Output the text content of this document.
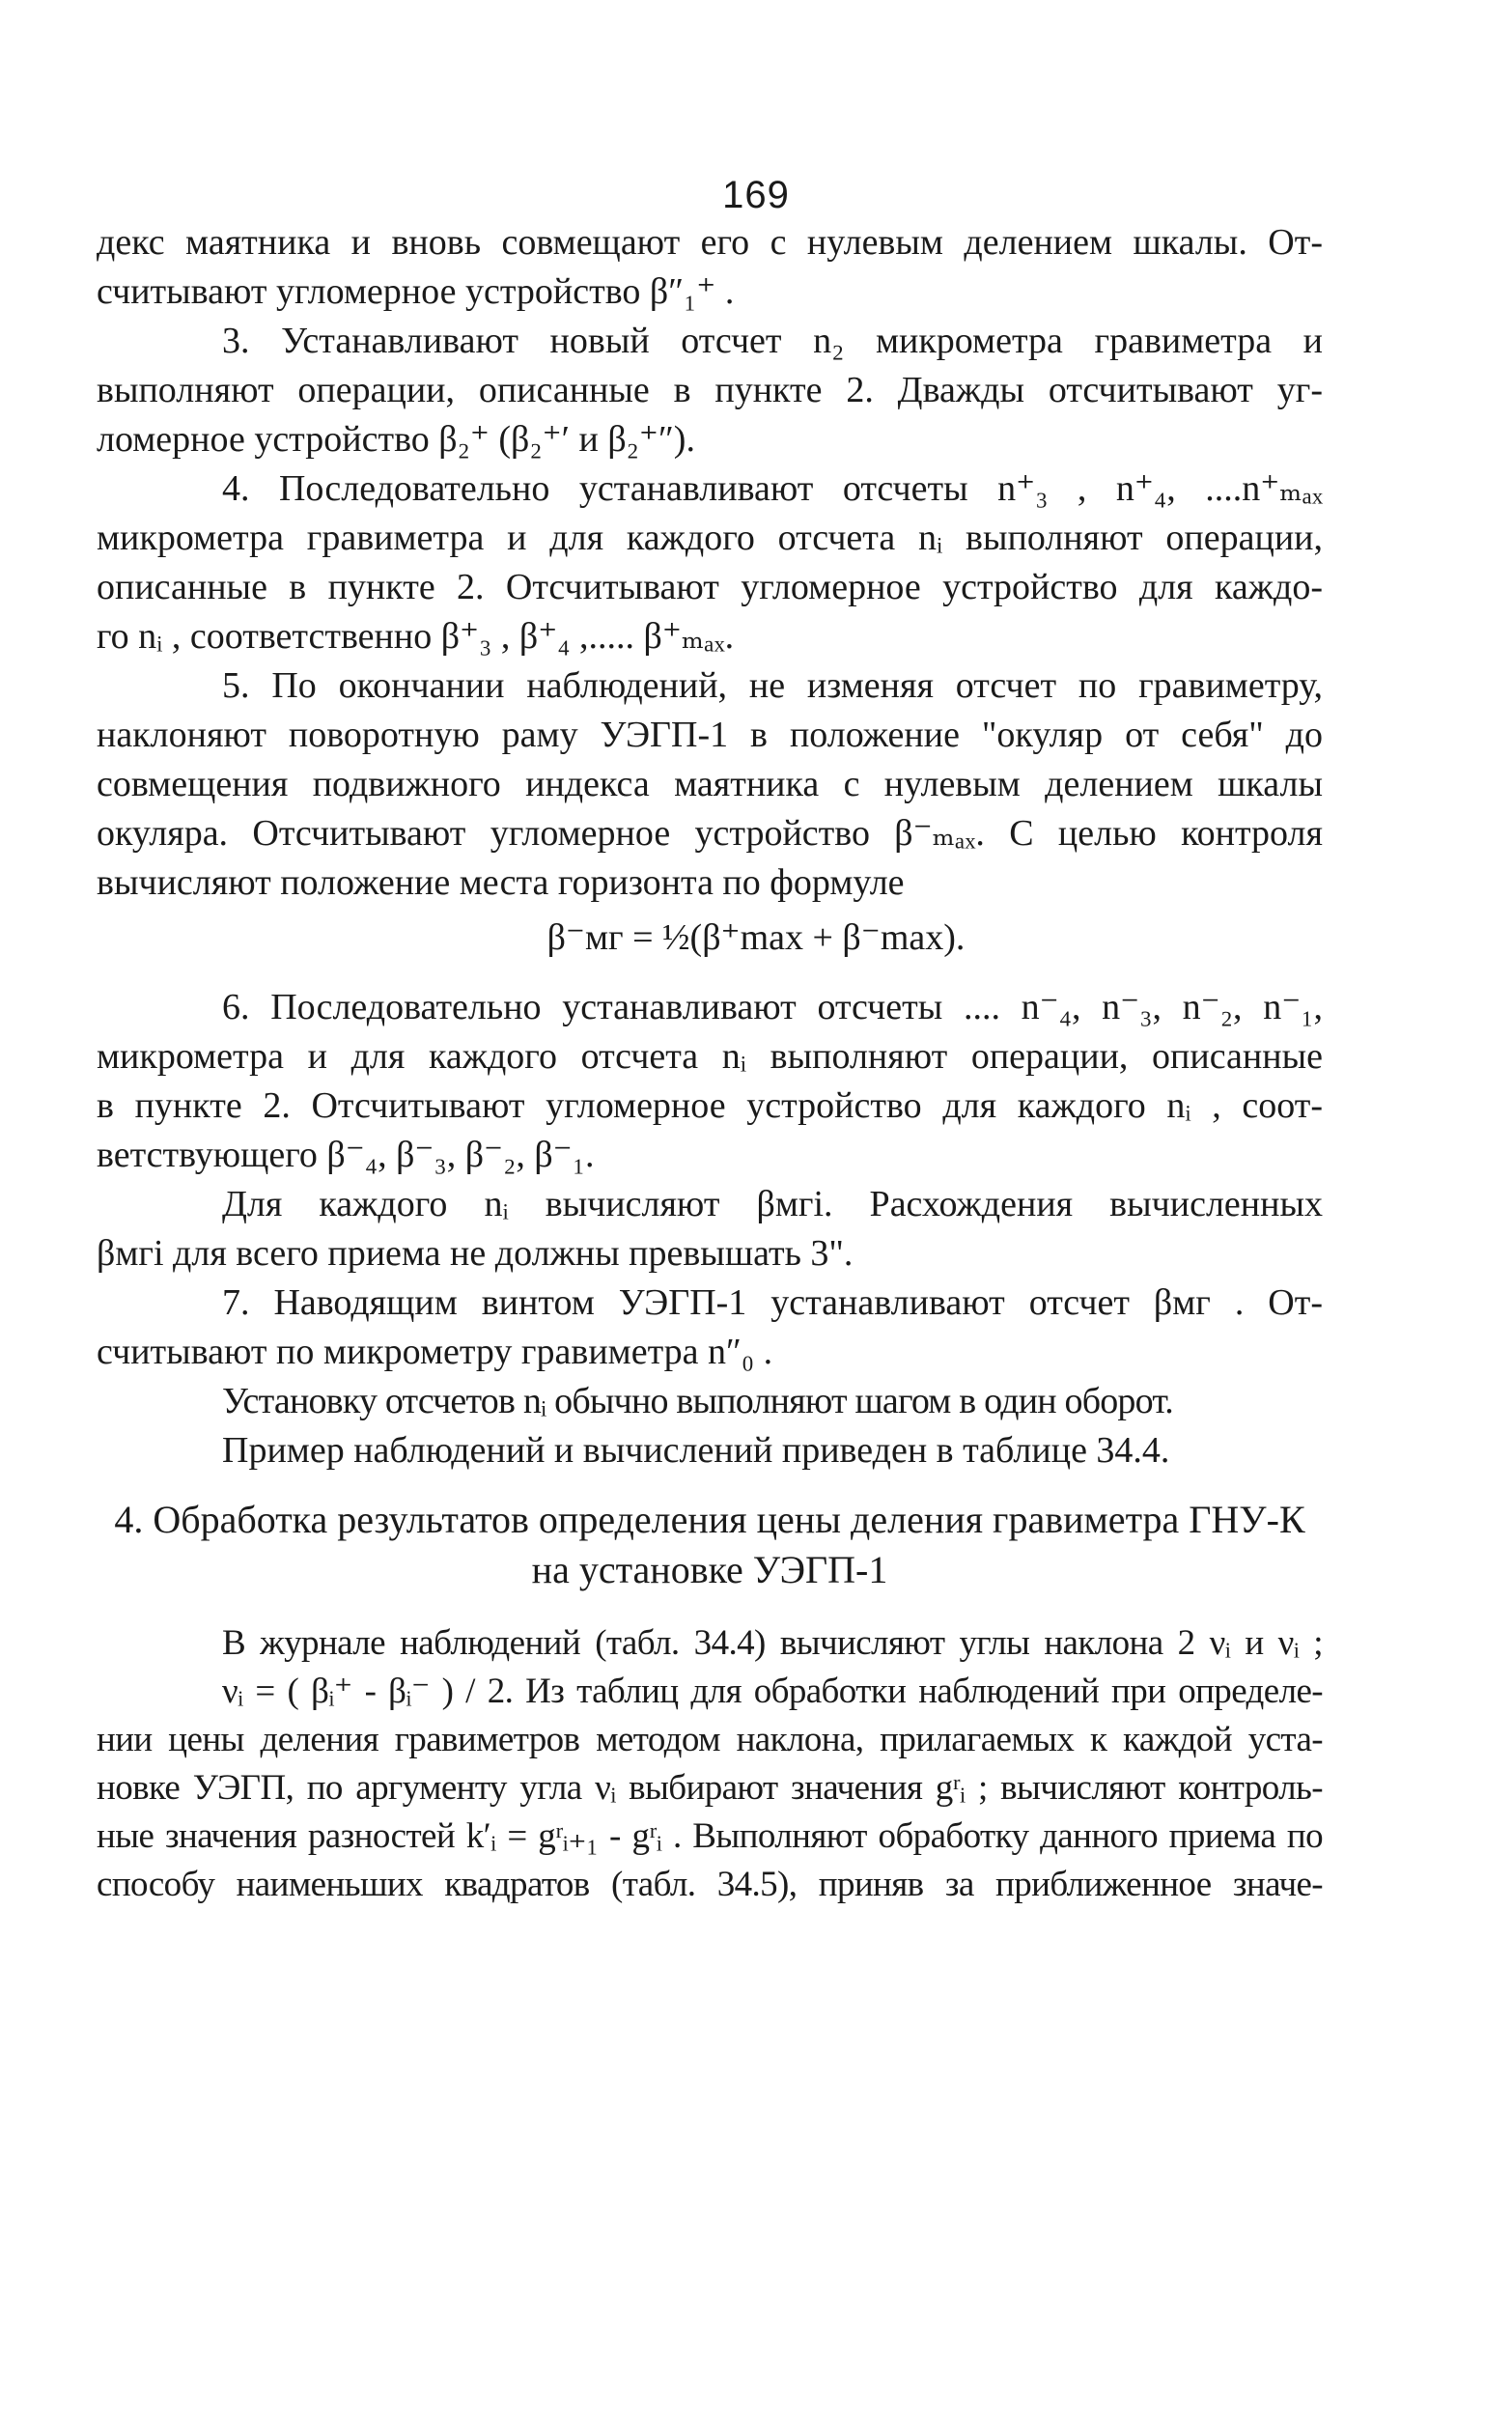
169
декс маятника и вновь совмещают его с нулевым делением шкалы. От-
считывают угломерное устройство β″₁⁺ .
3. Устанавливают новый отсчет n₂ микрометра гравиметра и
выполняют операции, описанные в пункте 2. Дважды отсчитывают уг-
ломерное устройство β₂⁺ (β₂⁺′ и β₂⁺″).
4. Последовательно устанавливают отсчеты n⁺₃ , n⁺₄, ....n⁺ₘₐₓ
микрометра гравиметра и для каждого отсчета nᵢ выполняют операции,
описанные в пункте 2. Отсчитывают угломерное устройство для каждо-
го nᵢ , соответственно β⁺₃ , β⁺₄ ,..... β⁺ₘₐₓ.
5. По окончании наблюдений, не изменяя отсчет по гравиметру,
наклоняют поворотную раму УЭГП-1 в положение "окуляр от себя" до
совмещения подвижного индекса маятника с нулевым делением шкалы
окуляра. Отсчитывают угломерное устройство β⁻ₘₐₓ. С целью контроля
вычисляют положение места горизонта по формуле
β⁻мг = ½(β⁺max + β⁻max).
6. Последовательно устанавливают отсчеты .... n⁻₄, n⁻₃, n⁻₂, n⁻₁,
микрометра и для каждого отсчета nᵢ выполняют операции, описанные
в пункте 2. Отсчитывают угломерное устройство для каждого nᵢ , соот-
ветствующего β⁻₄, β⁻₃, β⁻₂, β⁻₁.
Для каждого nᵢ вычисляют βмгi. Расхождения вычисленных
βмгi для всего приема не должны превышать 3".
7. Наводящим винтом УЭГП-1 устанавливают отсчет βмг . От-
считывают по микрометру гравиметра n″₀ .
Установку отсчетов nᵢ обычно выполняют шагом в один оборот.
Пример наблюдений и вычислений приведен в таблице 34.4.
4. Обработка результатов определения цены деления гравиметра ГНУ-К
на установке УЭГП-1
В журнале наблюдений (табл. 34.4) вычисляют углы наклона 2 νᵢ и νᵢ ;
νᵢ = ( βᵢ⁺ - βᵢ⁻ ) / 2. Из таблиц для обработки наблюдений при определе-
нии цены деления гравиметров методом наклона, прилагаемых к каждой уста-
новке УЭГП, по аргументу угла νᵢ выбирают значения gʳᵢ ; вычисляют контроль-
ные значения разностей k′ᵢ = gʳᵢ₊₁ - gʳᵢ . Выполняют обработку данного приема по
способу наименьших квадратов (табл. 34.5), приняв за приближенное значе-
